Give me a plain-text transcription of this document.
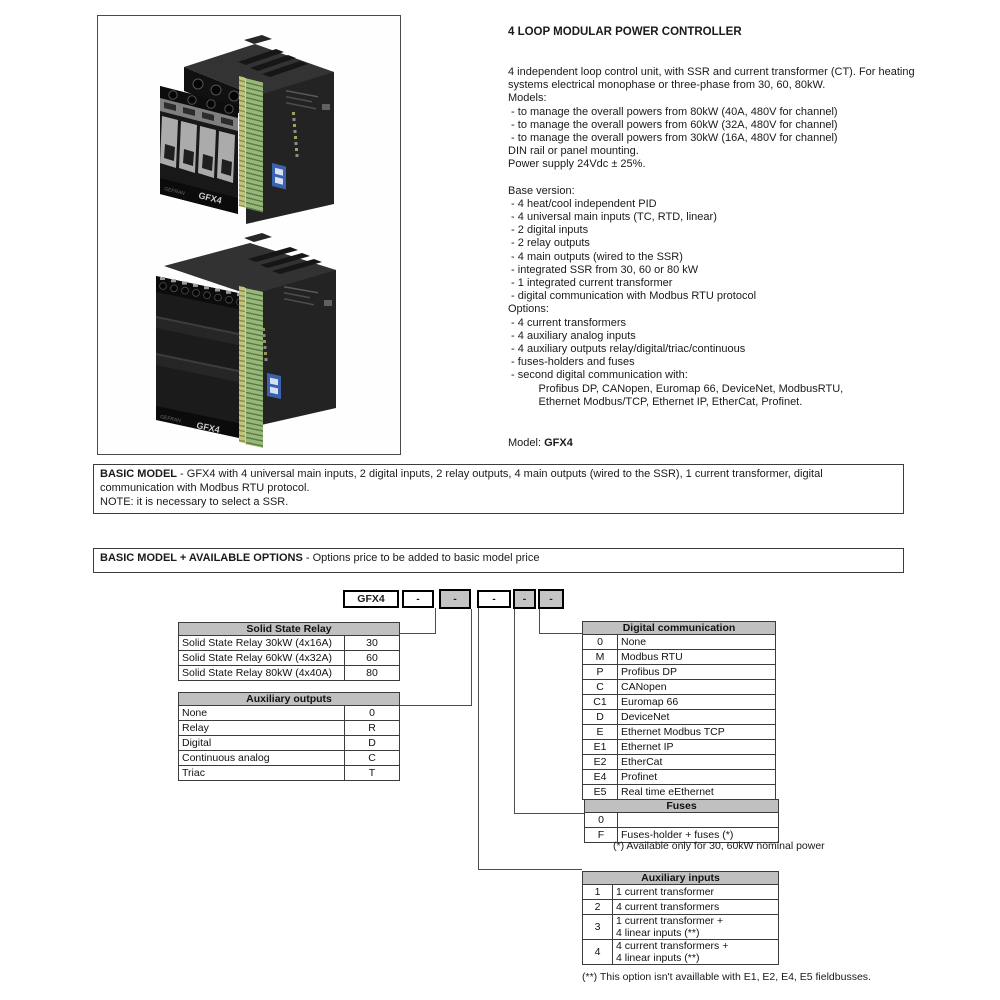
GEFRAN GFX4
GEFRAN
GFX4
4 LOOP MODULAR POWER CONTROLLER
4 independent loop control unit, with SSR and current transformer (CT). For heating
systems electrical monophase or three-phase from 30, 60, 80kW.
Models:
- to manage the overall powers from 80kW (40A, 480V for channel)
- to manage the overall powers from 60kW (32A, 480V for channel)
- to manage the overall powers from 30kW (16A, 480V for channel)
DIN rail or panel mounting.
Power supply 24Vdc ± 25%.
Base version:
- 4 heat/cool independent PID
- 4 universal main inputs (TC, RTD, linear)
- 2 digital inputs
- 2 relay outputs
- 4 main outputs (wired to the SSR)
- integrated SSR from 30, 60 or 80 kW
- 1 integrated current transformer
- digital communication with Modbus RTU protocol
Options:
- 4 current transformers
- 4 auxiliary analog inputs
- 4 auxiliary outputs relay/digital/triac/continuous
- fuses-holders and fuses
- second digital communication with:
Profibus DP, CANopen, Euromap 66, DeviceNet, ModbusRTU,
Ethernet Modbus/TCP, Ethernet IP, EtherCat, Profinet.
Model: GFX4
BASIC MODEL - GFX4 with 4 universal main inputs, 2 digital inputs, 2 relay outputs, 4 main outputs (wired to the SSR), 1 current transformer, digital communication with Modbus RTU protocol.
NOTE: it is necessary to select a SSR.
BASIC MODEL + AVAILABLE OPTIONS - Options price to be added to basic model price
GFX4	-	-	-	-	-
Solid State Relay	
Solid State Relay 30kW (4x16A)	30
Solid State Relay 60kW (4x32A)	60
Solid State Relay 80kW (4x40A)	80
Auxiliary outputs	
None	0
Relay	R
Digital	D
Continuous analog	C
Triac	T
Digital communication	
0	None
M	Modbus RTU
P	Profibus DP
C	CANopen
C1	Euromap 66
D	DeviceNet
E	Ethernet Modbus TCP
E1	Ethernet IP
E2	EtherCat
E4	Profinet
E5	Real time eEthernet
Fuses	
0	
F	Fuses-holder + fuses (*)
(*) Available only for 30, 60kW nominal power
Auxiliary inputs	
1	1 current transformer
2	4 current transformers
3	1 current transformer +
4 linear inputs (**)

4	4 current transformers +
4 linear inputs (**)
(**) This option isn't availlable with E1, E2, E4, E5 fieldbusses.
